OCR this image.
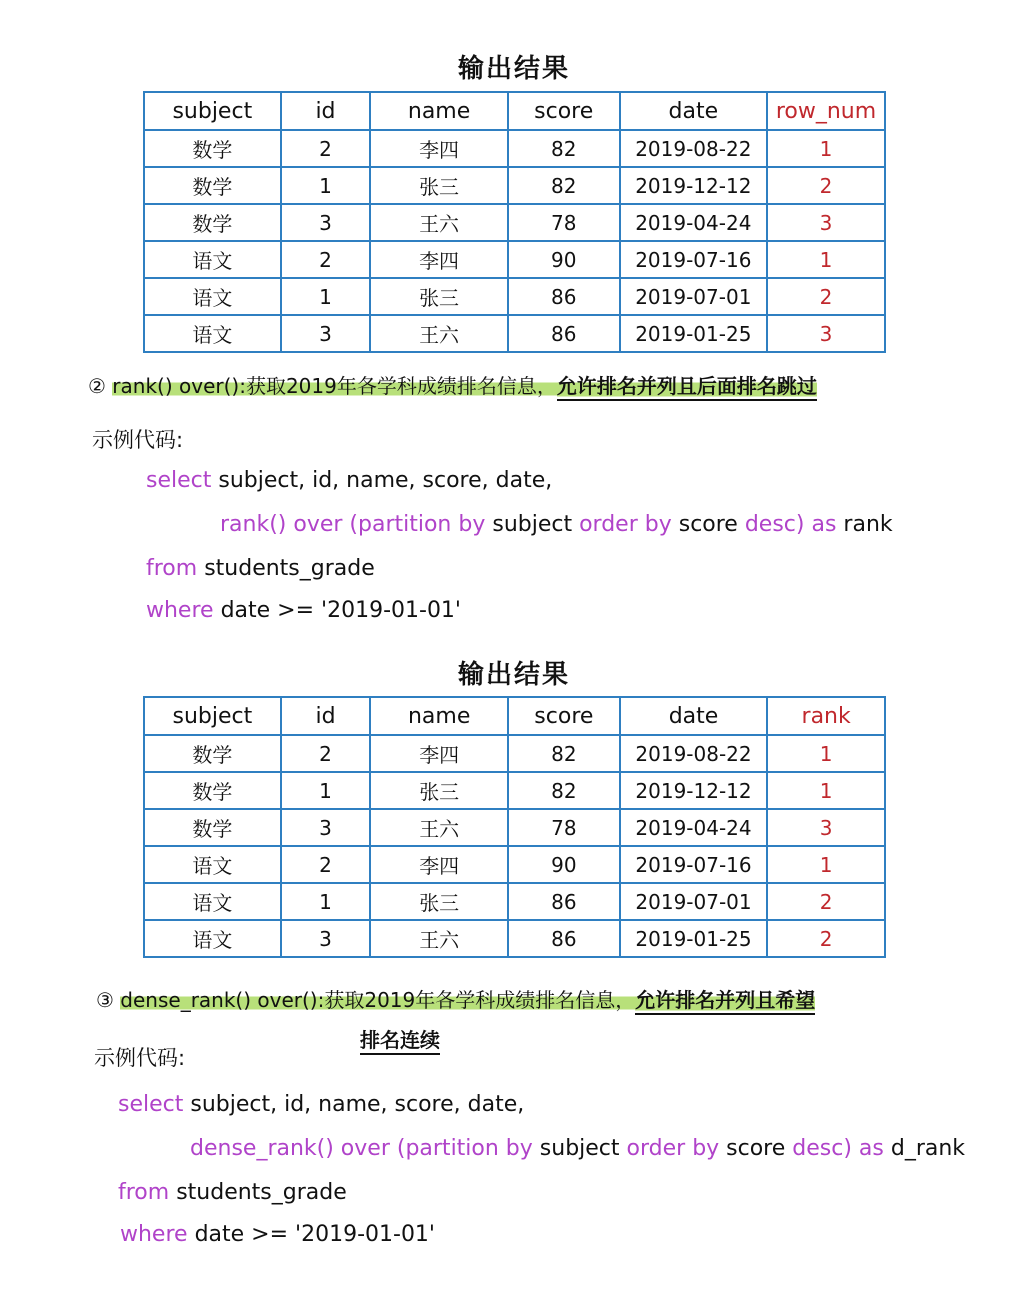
输出结果
subject	id	name	score	date	row_num
数学	2	李四	82	2019-08-22	1
数学	1	张三	82	2019-12-12	2
数学	3	王六	78	2019-04-24	3
语文	2	李四	90	2019-07-16	1
语文	1	张三	86	2019-07-01	2
语文	3	王六	86	2019-01-25	3
② rank() over():获取2019年各学科成绩排名信息，允许排名并列且后面排名跳过
示例代码:
select subject, id, name, score, date,
rank() over (partition by subject order by score desc) as rank
from students_grade
where date >= '2019-01-01'
输出结果
subject	id	name	score	date	rank
数学	2	李四	82	2019-08-22	1
数学	1	张三	82	2019-12-12	1
数学	3	王六	78	2019-04-24	3
语文	2	李四	90	2019-07-16	1
语文	1	张三	86	2019-07-01	2
语文	3	王六	86	2019-01-25	2
③ dense_rank() over():获取2019年各学科成绩排名信息，允许排名并列且希望
排名连续
示例代码:
select subject, id, name, score, date,
dense_rank() over (partition by subject order by score desc) as d_rank
from students_grade
where date >= '2019-01-01'
